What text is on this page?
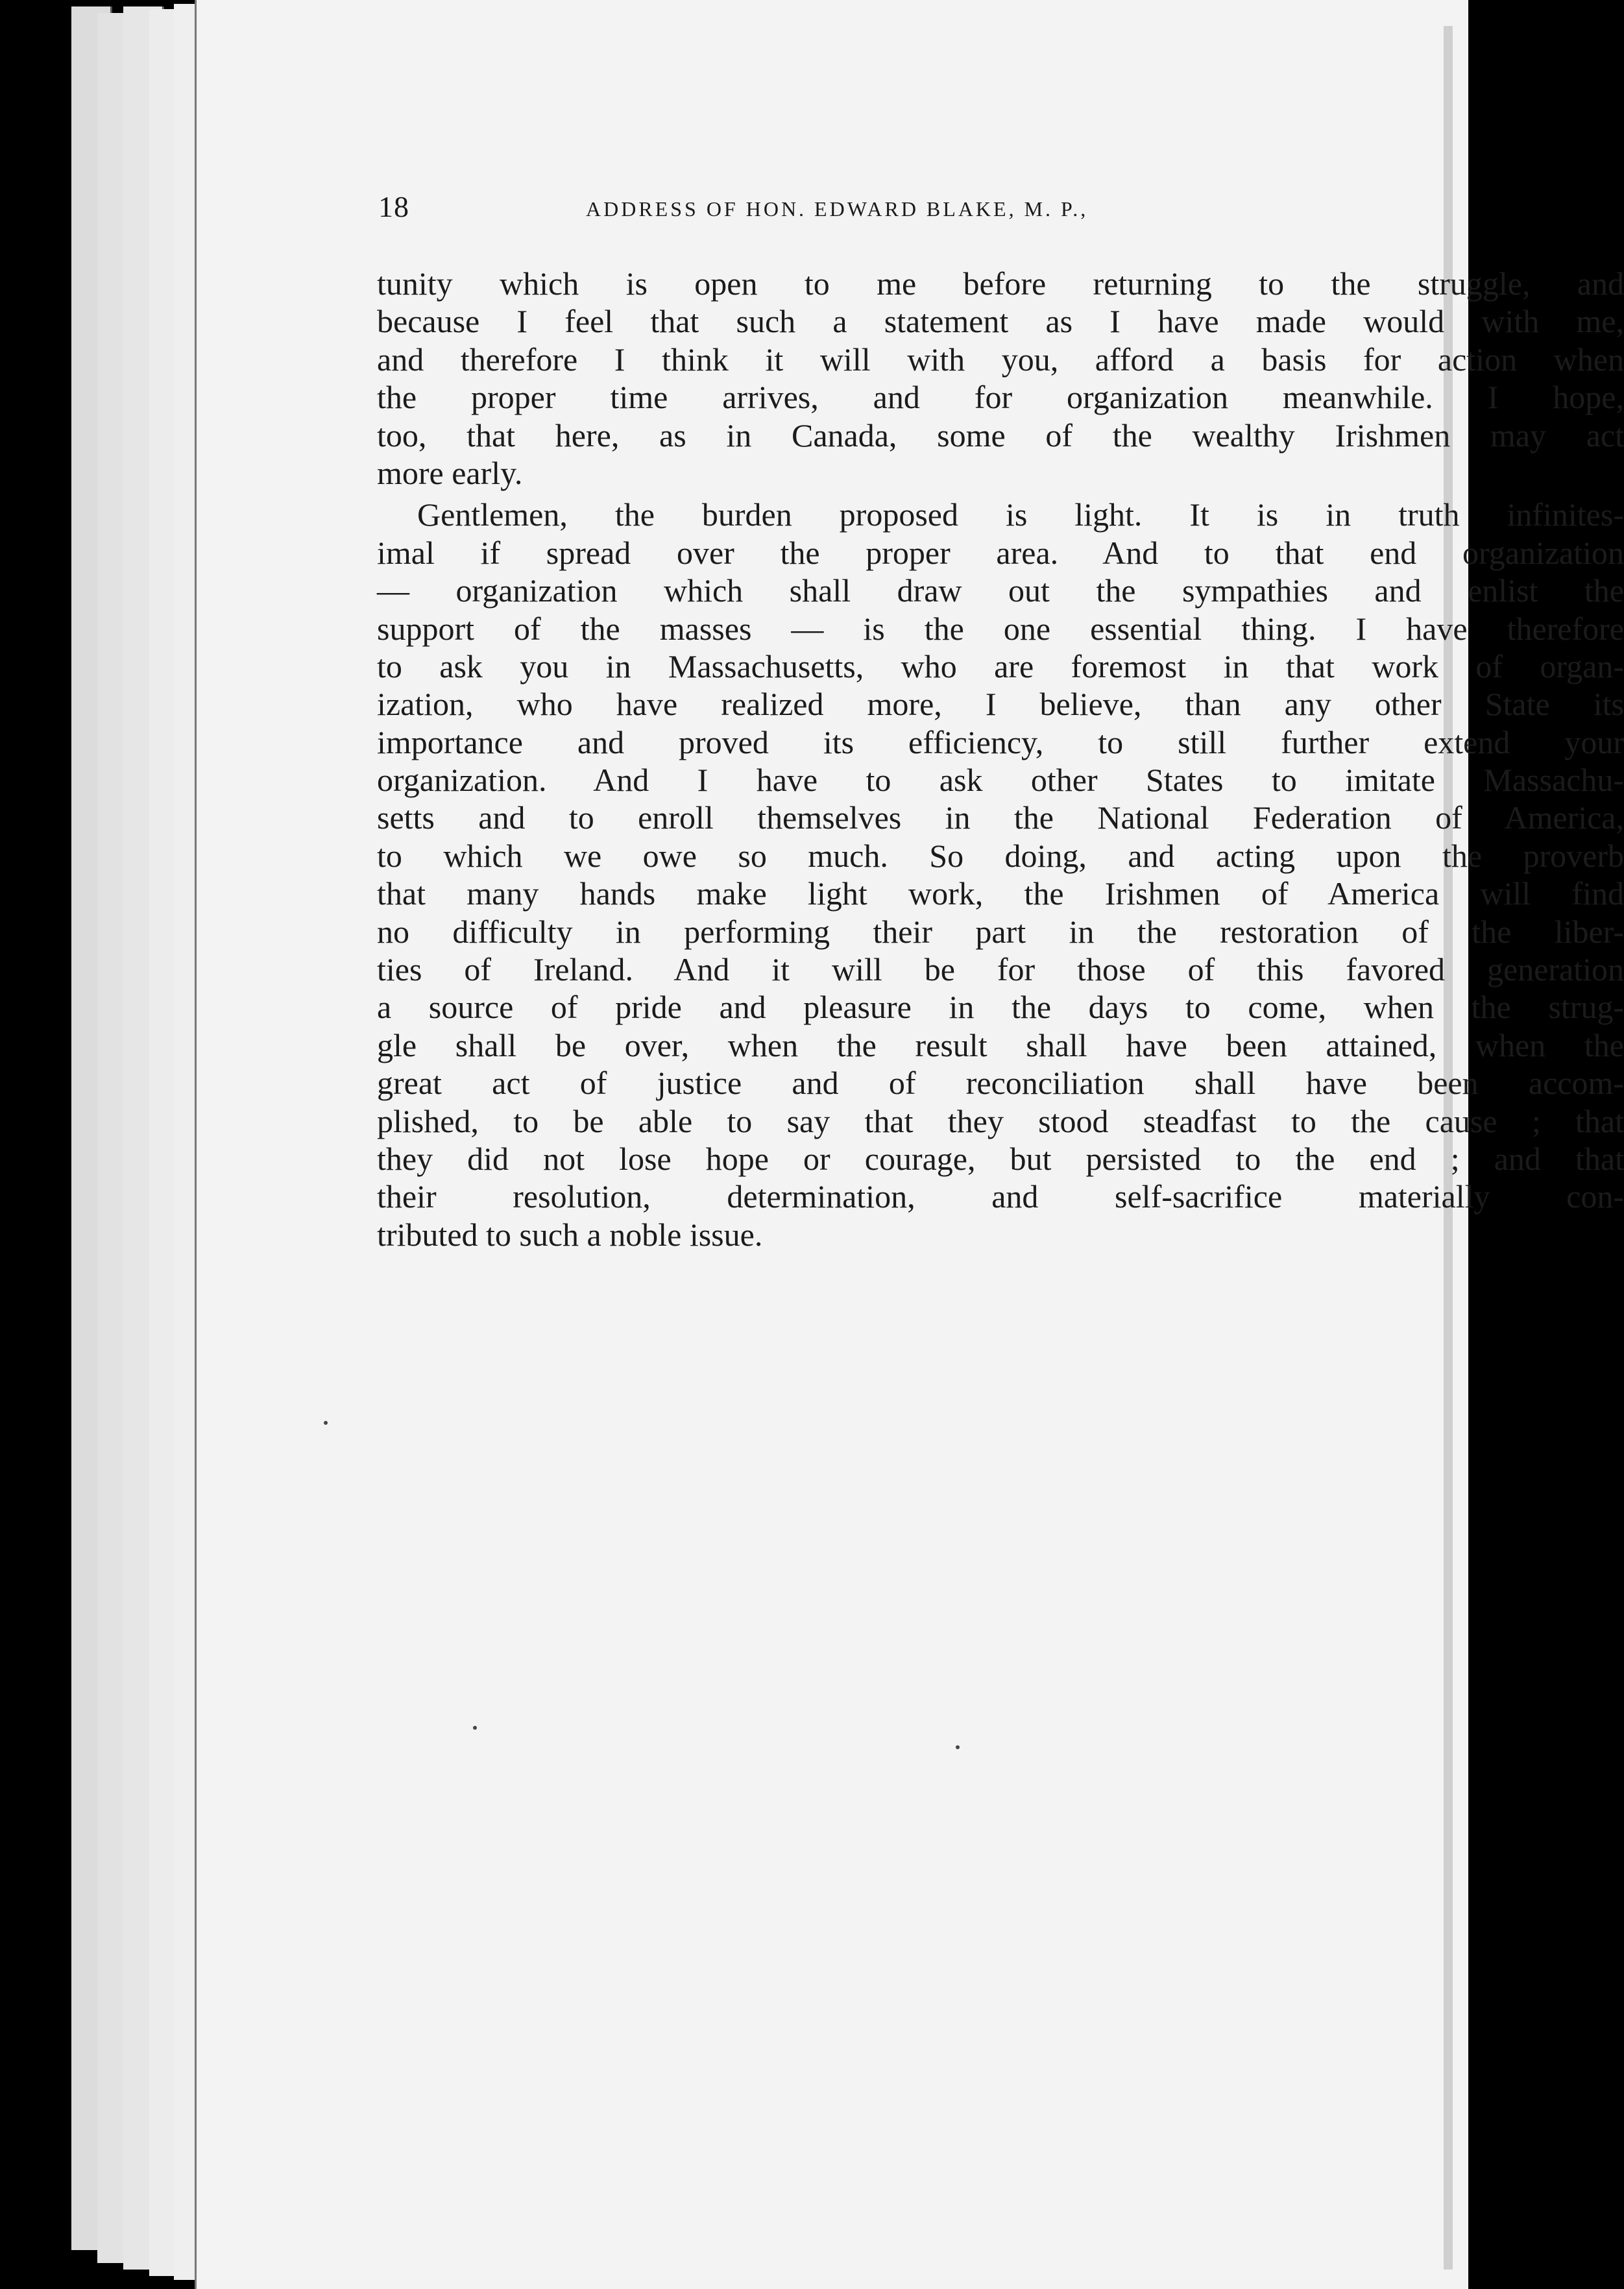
18	ADDRESS OF HON. EDWARD BLAKE, M. P.,
tunity which is open to me before returning to the struggle, and
because I feel that such a statement as I have made would with me,
and therefore I think it will with you, afford a basis for action when
the proper time arrives, and for organization meanwhile. I hope,
too, that here, as in Canada, some of the wealthy Irishmen may act
more early.
Gentlemen, the burden proposed is light. It is in truth infinites-
imal if spread over the proper area. And to that end organization
— organization which shall draw out the sympathies and enlist the
support of the masses — is the one essential thing. I have therefore
to ask you in Massachusetts, who are foremost in that work of organ-
ization, who have realized more, I believe, than any other State its
importance and proved its efficiency, to still further extend your
organization. And I have to ask other States to imitate Massachu-
setts and to enroll themselves in the National Federation of America,
to which we owe so much. So doing, and acting upon the proverb
that many hands make light work, the Irishmen of America will find
no difficulty in performing their part in the restoration of the liber-
ties of Ireland. And it will be for those of this favored generation
a source of pride and pleasure in the days to come, when the strug-
gle shall be over, when the result shall have been attained, when the
great act of justice and of reconciliation shall have been accom-
plished, to be able to say that they stood steadfast to the cause ; that
they did not lose hope or courage, but persisted to the end ; and that
their resolution, determination, and self-sacrifice materially con-
tributed to such a noble issue.
